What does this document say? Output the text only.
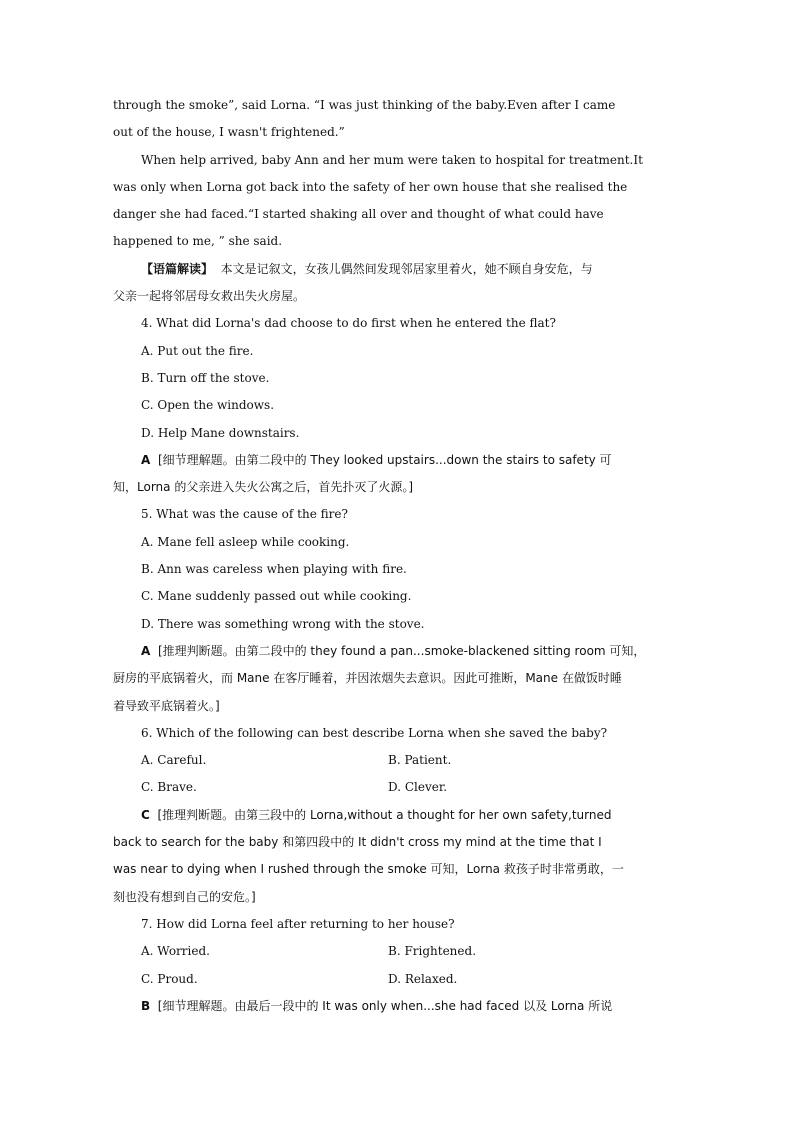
through the smoke”, said Lorna. “I was just thinking of the baby.Even after I came
out of the house, I wasn't frightened.”
When help arrived, baby Ann and her mum were taken to hospital for treatment.It
was only when Lorna got back into the safety of her own house that she realised the
danger she had faced.“I started shaking all over and thought of what could have
happened to me, ” she said.
【语篇解读】
本文是记叙文，女孩儿偶然间发现邻居家里着火，她不顾自身安危，与
父亲一起将邻居母女救出失火房屋。
4. What did Lorna's dad choose to do first when he entered the flat?
A. Put out the fire.
B. Turn off the stove.
C. Open the windows.
D. Help Mane downstairs.
A
[细节理解题。由第二段中的 They looked upstairs...down the stairs to safety 可
知，Lorna 的父亲进入失火公寓之后，首先扑灭了火源。]
5. What was the cause of the fire?
A. Mane fell asleep while cooking.
B. Ann was careless when playing with fire.
C. Mane suddenly passed out while cooking.
D. There was something wrong with the stove.
A
[推理判断题。由第二段中的 they found a pan...smoke-blackened sitting room 可知，
厨房的平底锅着火，而 Mane 在客厅睡着，并因浓烟失去意识。因此可推断，Mane 在做饭时睡
着导致平底锅着火。]
6. Which of the following can best describe Lorna when she saved the baby?
A. Careful.	B. Patient.
C. Brave.	D. Clever.
C
[推理判断题。由第三段中的 Lorna,without a thought for her own safety,turned
back to search for the baby 和第四段中的 It didn't cross my mind at the time that I
was near to dying when I rushed through the smoke 可知，Lorna 救孩子时非常勇敢，一
刻也没有想到自己的安危。]
7. How did Lorna feel after returning to her house?
A. Worried.	B. Frightened.
C. Proud.	D. Relaxed.
B
[细节理解题。由最后一段中的 It was only when...she had faced 以及 Lorna 所说
